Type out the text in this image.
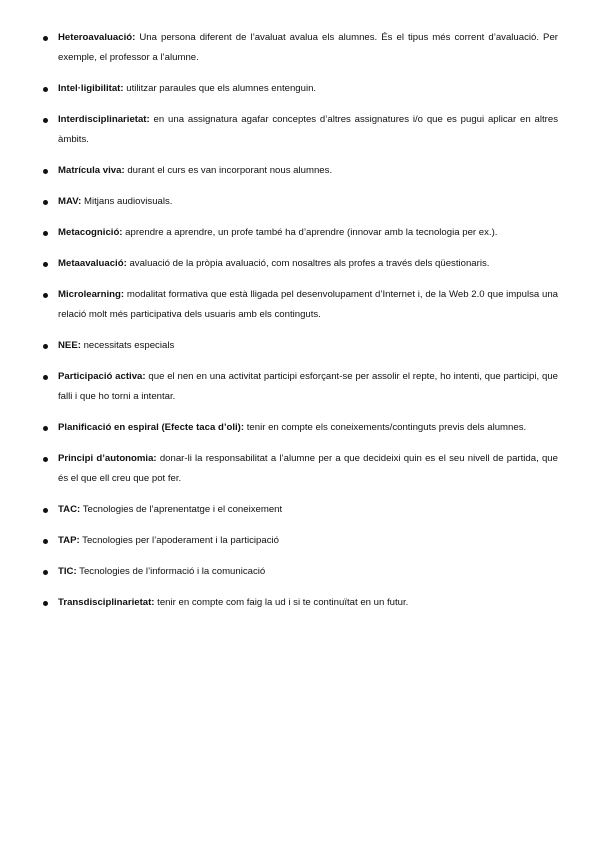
Heteroavaluació: Una persona diferent de l’avaluat avalua els alumnes. És el tipus més corrent d’avaluació. Per exemple, el professor a l’alumne.
Intel·ligibilitat: utilitzar paraules que els alumnes entenguin.
Interdisciplinarietat: en una assignatura agafar conceptes d’altres assignatures i/o que es pugui aplicar en altres àmbits.
Matrícula viva: durant el curs es van incorporant nous alumnes.
MAV: Mitjans audiovisuals.
Metacognició: aprendre a aprendre, un profe també ha d’aprendre (innovar amb la tecnologia per ex.).
Metaavaluació: avaluació de la pròpia avaluació, com nosaltres als profes a través dels qüestionaris.
Microlearning: modalitat formativa que està lligada pel desenvolupament d’Internet i, de la Web 2.0 que impulsa una relació molt més participativa dels usuaris amb els continguts.
NEE: necessitats especials
Participació activa: que el nen en una activitat participi esforçant-se per assolir el repte, ho intenti, que participi, que falli i que ho torni a intentar.
Planificació en espiral (Efecte taca d’oli): tenir en compte els coneixements/continguts previs dels alumnes.
Principi d’autonomia: donar-li la responsabilitat a l’alumne per a que decideixi quin es el seu nivell de partida, que és el que ell creu que pot fer.
TAC: Tecnologies de l’aprenentatge i el coneixement
TAP: Tecnologies per l’apoderament i la participació
TIC: Tecnologies de l’informació i la comunicació
Transdisciplinarietat: tenir en compte com faig la ud i si te continuïtat en un futur.
